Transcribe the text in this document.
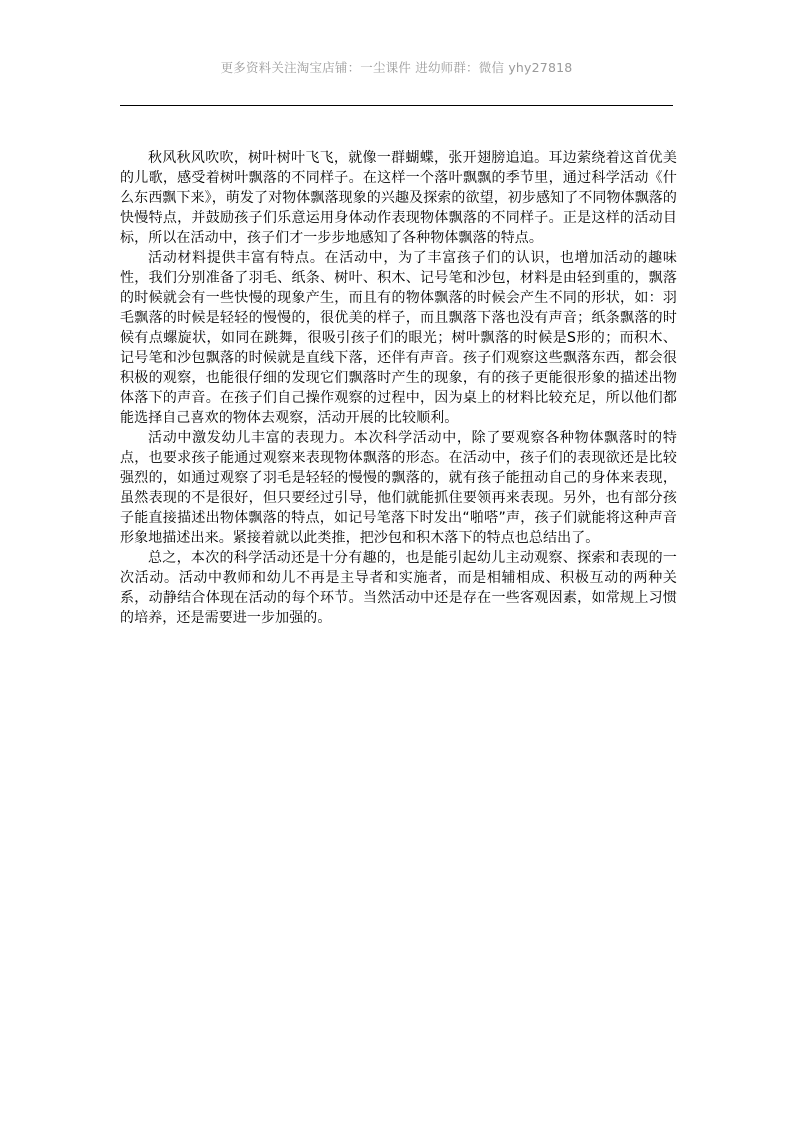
更多资料关注淘宝店铺：一尘课件 进幼师群：微信 yhy27818

秋风秋风吹吹，树叶树叶飞飞，就像一群蝴蝶，张开翅膀追追。耳边萦绕着这首优美的儿歌，感受着树叶飘落的不同样子。在这样一个落叶飘飘的季节里，通过科学活动《什么东西飘下来》，萌发了对物体飘落现象的兴趣及探索的欲望，初步感知了不同物体飘落的快慢特点，并鼓励孩子们乐意运用身体动作表现物体飘落的不同样子。正是这样的活动目标，所以在活动中，孩子们才一步步地感知了各种物体飘落的特点。

活动材料提供丰富有特点。在活动中，为了丰富孩子们的认识，也增加活动的趣味性，我们分别准备了羽毛、纸条、树叶、积木、记号笔和沙包，材料是由轻到重的，飘落的时候就会有一些快慢的现象产生，而且有的物体飘落的时候会产生不同的形状，如：羽毛飘落的时候是轻轻的慢慢的，很优美的样子，而且飘落下落也没有声音；纸条飘落的时候有点螺旋状，如同在跳舞，很吸引孩子们的眼光；树叶飘落的时候是S形的；而积木、记号笔和沙包飘落的时候就是直线下落，还伴有声音。孩子们观察这些飘落东西，都会很积极的观察，也能很仔细的发现它们飘落时产生的现象，有的孩子更能很形象的描述出物体落下的声音。在孩子们自己操作观察的过程中，因为桌上的材料比较充足，所以他们都能选择自己喜欢的物体去观察，活动开展的比较顺利。

活动中激发幼儿丰富的表现力。本次科学活动中，除了要观察各种物体飘落时的特点，也要求孩子能通过观察来表现物体飘落的形态。在活动中，孩子们的表现欲还是比较强烈的，如通过观察了羽毛是轻轻的慢慢的飘落的，就有孩子能扭动自己的身体来表现，虽然表现的不是很好，但只要经过引导，他们就能抓住要领再来表现。另外，也有部分孩子能直接描述出物体飘落的特点，如记号笔落下时发出“啪嗒”声，孩子们就能将这种声音形象地描述出来。紧接着就以此类推，把沙包和积木落下的特点也总结出了。

总之，本次的科学活动还是十分有趣的，也是能引起幼儿主动观察、探索和表现的一次活动。活动中教师和幼儿不再是主导者和实施者，而是相辅相成、积极互动的两种关系，动静结合体现在活动的每个环节。当然活动中还是存在一些客观因素，如常规上习惯的培养，还是需要进一步加强的。
